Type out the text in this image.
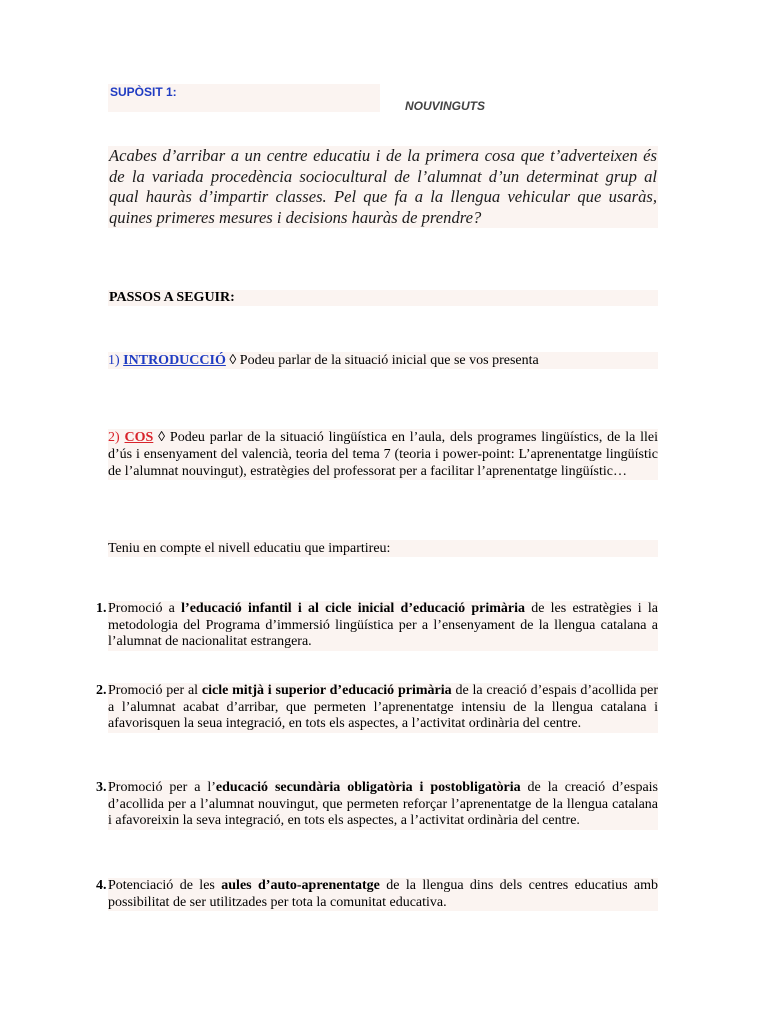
SUPÒSIT 1:
NOUVINGUTS
Acabes d’arribar a un centre educatiu i de la primera cosa que t’adverteixen és de la variada procedència sociocultural de l’alumnat d’un determinat grup al qual hauràs d’impartir classes. Pel que fa a la llengua vehicular que usaràs, quines primeres mesures i decisions hauràs de prendre?
PASSOS A SEGUIR:
1) INTRODUCCIÓ ◊ Podeu parlar de la situació inicial que se vos presenta
2) COS ◊ Podeu parlar de la situació lingüística en l’aula, dels programes lingüístics, de la llei d’ús i ensenyament del valencià, teoria del tema 7 (teoria i power-point: L’aprenentatge lingüístic de l’alumnat nouvingut), estratègies del professorat per a facilitar l’aprenentatge lingüístic…
Teniu en compte el nivell educatiu que impartireu:
1. Promoció a l’educació infantil i al cicle inicial d’educació primària de les estratègies i la metodologia del Programa d’immersió lingüística per a l’ensenyament de la llengua catalana a l’alumnat de nacionalitat estrangera.
2. Promoció per al cicle mitjà i superior d’educació primària de la creació d’espais d’acollida per a l’alumnat acabat d’arribar, que permeten l’aprenentatge intensiu de la llengua catalana i afavorisquen la seua integració, en tots els aspectes, a l’activitat ordinària del centre.
3. Promoció per a l’educació secundària obligatòria i postobligatòria de la creació d’espais d’acollida per a l’alumnat nouvingut, que permeten reforçar l’aprenentatge de la llengua catalana i afavoreixin la seva integració, en tots els aspectes, a l’activitat ordinària del centre.
4. Potenciació de les aules d’auto-aprenentatge de la llengua dins dels centres educatius amb possibilitat de ser utilitzades per tota la comunitat educativa.
